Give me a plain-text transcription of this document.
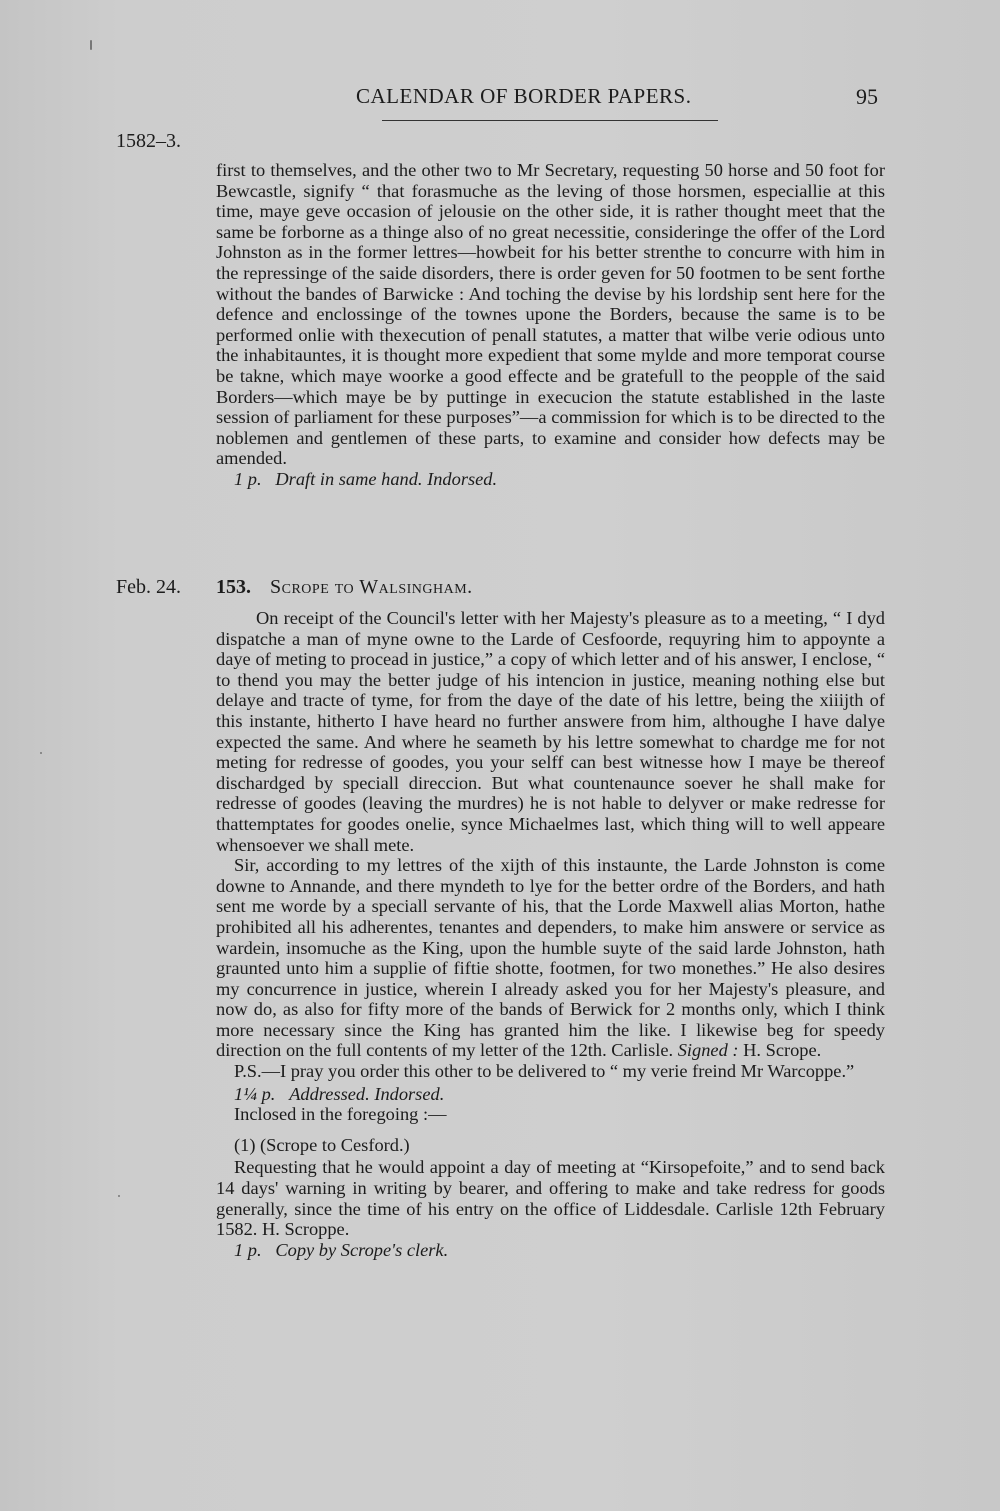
CALENDAR OF BORDER PAPERS.	95
1582–3.
first to themselves, and the other two to Mr Secretary, requesting 50 horse and 50 foot for Bewcastle, signify “ that forasmuche as the leving of those horsmen, especiallie at this time, maye geve occasion of jelousie on the other side, it is rather thought meet that the same be forborne as a thinge also of no great necessitie, consideringe the offer of the Lord Johnston as in the former lettres—howbeit for his better strenthe to concurre with him in the repressinge of the saide disorders, there is order geven for 50 footmen to be sent forthe without the bandes of Barwicke : And toching the devise by his lordship sent here for the defence and enclossinge of the townes upone the Borders, because the same is to be performed onlie with thexecution of penall statutes, a matter that wilbe verie odious unto the inhabitauntes, it is thought more expedient that some mylde and more temporat course be takne, which maye woorke a good effecte and be gratefull to the peopple of the said Borders—which maye be by puttinge in execucion the statute established in the laste session of parliament for these purposes”—a commission for which is to be directed to the noblemen and gentlemen of these parts, to examine and consider how defects may be amended.
1 p. Draft in same hand. Indorsed.
Feb. 24. 153. Scrope to Walsingham.
On receipt of the Council's letter with her Majesty's pleasure as to a meeting, “ I dyd dispatche a man of myne owne to the Larde of Cesfoorde, requyring him to appoynte a daye of meting to procead in justice,” a copy of which letter and of his answer, I enclose, “ to thend you may the better judge of his intencion in justice, meaning nothing else but delaye and tracte of tyme, for from the daye of the date of his lettre, being the xiiijth of this instante, hitherto I have heard no further answere from him, althoughe I have dalye expected the same. And where he seameth by his lettre somewhat to chardge me for not meting for redresse of goodes, you your selff can best witnesse how I maye be thereof dischardged by speciall direccion. But what countenaunce soever he shall make for redresse of goodes (leaving the murdres) he is not hable to delyver or make redresse for thattemptates for goodes onelie, synce Michaelmes last, which thing will to well appeare whensoever we shall mete.
Sir, according to my lettres of the xijth of this instaunte, the Larde Johnston is come downe to Annande, and there myndeth to lye for the better ordre of the Borders, and hath sent me worde by a speciall servante of his, that the Lorde Maxwell alias Morton, hathe prohibited all his adherentes, tenantes and dependers, to make him answere or service as wardein, insomuche as the King, upon the humble suyte of the said larde Johnston, hath graunted unto him a supplie of fiftie shotte, footmen, for two monethes.” He also desires my concurrence in justice, wherein I already asked you for her Majesty's pleasure, and now do, as also for fifty more of the bands of Berwick for 2 months only, which I think more necessary since the King has granted him the like. I likewise beg for speedy direction on the full contents of my letter of the 12th. Carlisle. Signed : H. Scrope.
P.S.—I pray you order this other to be delivered to “ my verie freind Mr Warcoppe.”
1¼ p. Addressed. Indorsed.
Inclosed in the foregoing :—
(1) (Scrope to Cesford.)
Requesting that he would appoint a day of meeting at “Kirsopefoite,” and to send back 14 days' warning in writing by bearer, and offering to make and take redress for goods generally, since the time of his entry on the office of Liddesdale. Carlisle 12th February 1582. H. Scroppe.
1 p. Copy by Scrope's clerk.
